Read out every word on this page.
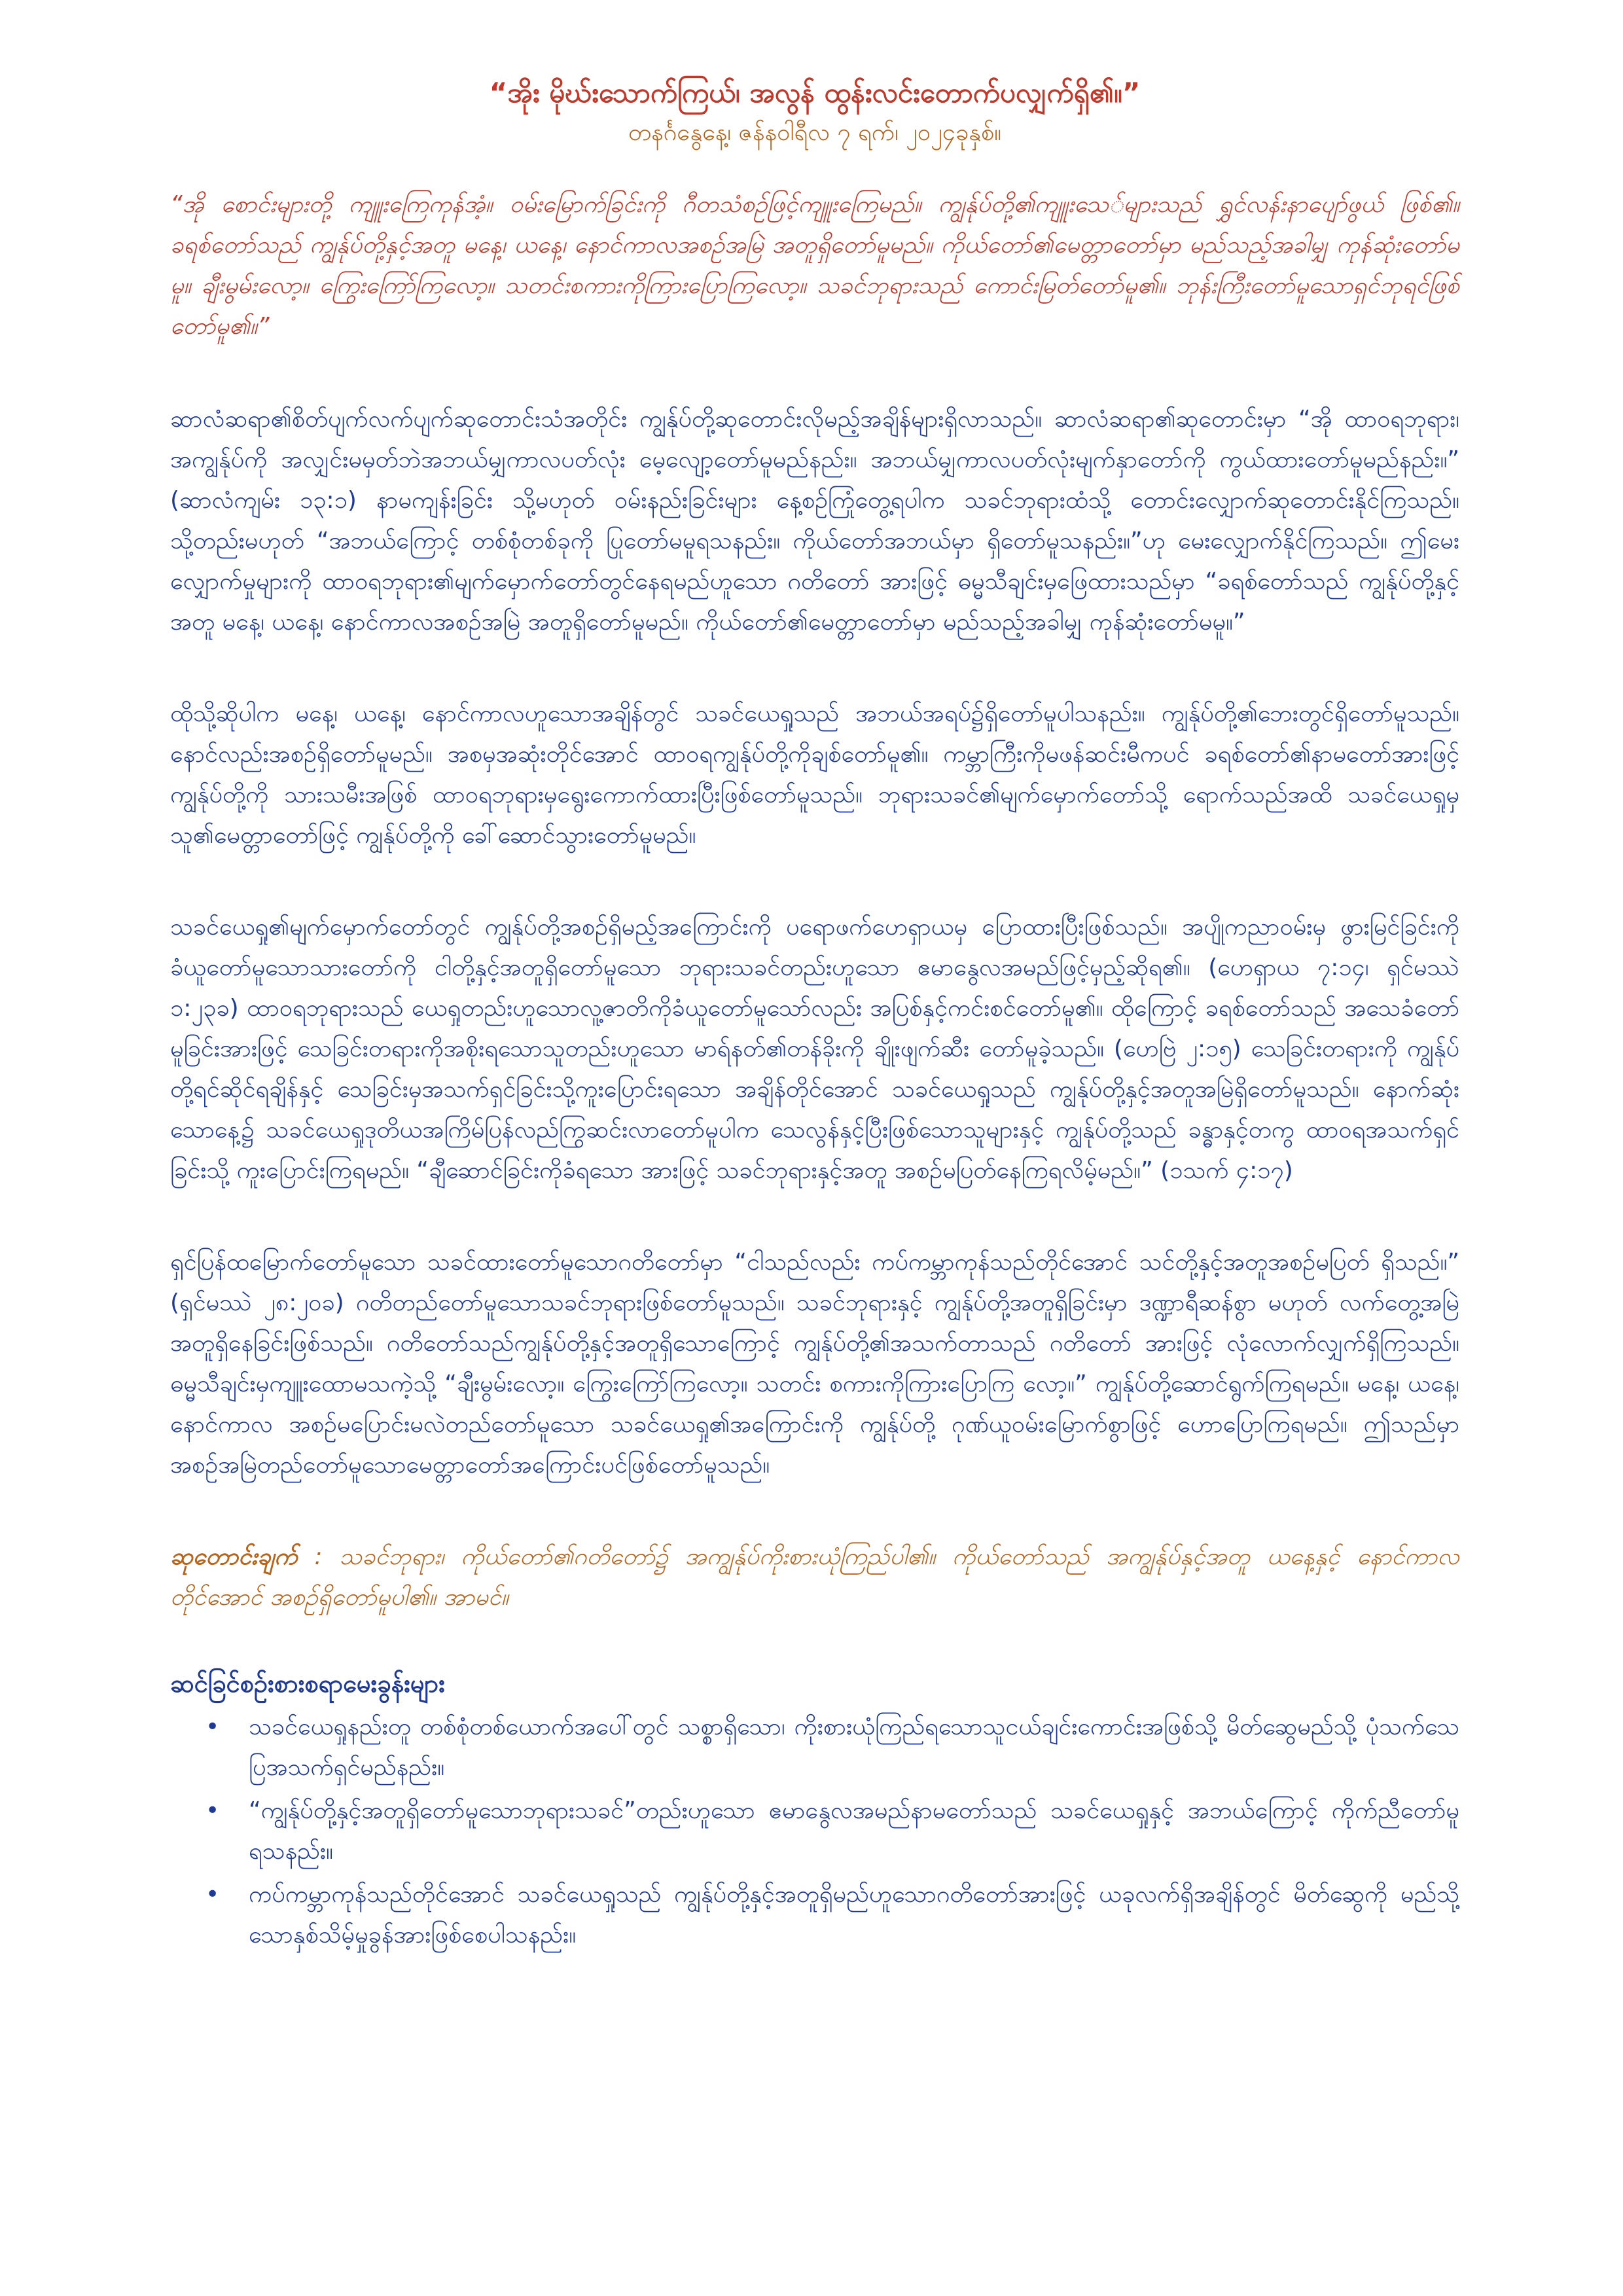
“အိုး မိုဃ်းသောက်ကြယ်၊ အလွန် ထွန်းလင်းတောက်ပလျှက်ရှိ၏။”

တနင်္ဂနွေနေ့၊ ဇန်နဝါရီလ ၇ ရက်၊ ၂၀၂၄ခုနှစ်။

“အို စောင်းများတို့ ကျူးကြေကုန်အံ့။ ဝမ်းမြောက်ခြင်းကို ဂီတသံစဉ်ဖြင့်ကျူးကြေမည်။ ကျွန်ုပ်တို့၏ကျူးသေ်များသည် ရွှင်လန်းနာပျော်ဖွယ် ဖြစ်၏။ ခရစ်တော်သည် ကျွန်ုပ်တို့နှင့်အတူ မနေ့၊ ယနေ့၊ နောင်ကာလအစဉ်အမြဲ အတူရှိတော်မူမည်။ ကိုယ်တော်၏မေတ္တာတော်မှာ မည်သည့်အခါမျှ ကုန်ဆုံးတော်မမူ။ ချီးမွမ်းလော့။ ကြွေးကြော်ကြလော့။ သတင်းစကားကိုကြားပြောကြလော့။ သခင်ဘုရားသည် ကောင်းမြတ်တော်မူ၏။ ဘုန်းကြီးတော်မူသောရှင်ဘုရင်ဖြစ်တော်မူ၏။”

ဆာလံဆရာ၏စိတ်ပျက်လက်ပျက်ဆုတောင်းသံအတိုင်း ကျွန်ုပ်တို့ဆုတောင်းလိုမည့်အချိန်များရှိလာသည်။ ဆာလံဆရာ၏ဆုတောင်းမှာ “အို ထာဝရဘုရား၊ အကျွန်ုပ်ကို အလျှင်းမမှတ်ဘဲအဘယ်မျှကာလပတ်လုံး မေ့လျော့တော်မူမည်နည်း။ အဘယ်မျှကာလပတ်လုံးမျက်နှာတော်ကို ကွယ်ထားတော်မူမည်နည်း။” (ဆာလံကျမ်း ၁၃:၁) နာမကျန်းခြင်း သို့မဟုတ် ဝမ်းနည်းခြင်းများ နေ့စဉ်ကြုံတွေ့ရပါက သခင်ဘုရားထံသို့ တောင်းလျှောက်ဆုတောင်းနိုင်ကြသည်။ သို့တည်းမဟုတ် “အဘယ်ကြောင့် တစ်စုံတစ်ခုကို ပြုတော်မမူရသနည်း။ ကိုယ်တော်အဘယ်မှာ ရှိတော်မူသနည်း။”ဟု မေးလျှောက်နိုင်ကြသည်။ ဤမေးလျှောက်မှုများကို ထာဝရဘုရား၏မျက်မှောက်တော်တွင်နေရမည်ဟူသော ဂတိတော် အားဖြင့် ဓမ္မသီချင်းမှဖြေထားသည်မှာ “ခရစ်တော်သည် ကျွန်ုပ်တို့နှင့်အတူ မနေ့၊ ယနေ့၊ နောင်ကာလအစဉ်အမြဲ အတူရှိတော်မူမည်။ ကိုယ်တော်၏မေတ္တာတော်မှာ မည်သည့်အခါမျှ ကုန်ဆုံးတော်မမူ။”

ထိုသို့ဆိုပါက မနေ့၊ ယနေ့၊ နောင်ကာလဟူသောအချိန်တွင် သခင်ယေရှုသည် အဘယ်အရပ်၌ရှိတော်မူပါသနည်း။ ကျွန်ုပ်တို့၏ဘေးတွင်ရှိတော်မူသည်။ နောင်လည်းအစဉ်ရှိတော်မူမည်။ အစမှအဆုံးတိုင်အောင် ထာဝရကျွန်ုပ်တို့ကိုချစ်တော်မူ၏။ ကမ္ဘာကြီးကိုမဖန်ဆင်းမီကပင် ခရစ်တော်၏နာမတော်အားဖြင့် ကျွန်ုပ်တို့ကို သားသမီးအဖြစ် ထာဝရဘုရားမှရွေးကောက်ထားပြီးဖြစ်တော်မူသည်။ ဘုရားသခင်၏မျက်မှောက်တော်သို့ ရောက်သည်အထိ သခင်ယေရှုမှ သူ၏မေတ္တာတော်ဖြင့် ကျွန်ုပ်တို့ကို ခေါ်ဆောင်သွားတော်မူမည်။

သခင်ယေရှု၏မျက်မှောက်တော်တွင် ကျွန်ုပ်တို့အစဉ်ရှိမည့်အကြောင်းကို ပရောဖက်ဟေရှာယမှ ပြောထားပြီးဖြစ်သည်။ အပျိုကညာဝမ်းမှ ဖွားမြင်ခြင်းကိုခံယူတော်မူသောသားတော်ကို ငါတို့နှင့်အတူရှိတော်မူသော ဘုရားသခင်တည်းဟူသော ဧမာနွေလအမည်ဖြင့်မှည့်ဆိုရ၏။ (ဟေရှာယ ၇:၁၄၊ ရှင်မဿဲ ၁:၂၃ခ) ထာဝရဘုရားသည် ယေရှုတည်းဟူသောလူ့ဇာတိကိုခံယူတော်မူသော်လည်း အပြစ်နှင့်ကင်းစင်တော်မူ၏။ ထိုကြောင့် ခရစ်တော်သည် အသေခံတော်မူခြင်းအားဖြင့် သေခြင်းတရားကိုအစိုးရသောသူတည်းဟူသော မာရ်နတ်၏တန်ခိုးကို ချိုးဖျက်ဆီး တော်မူခဲ့သည်။ (ဟေဗြဲ ၂:၁၅) သေခြင်းတရားကို ကျွန်ုပ်တို့ရင်ဆိုင်ရချိန်နှင့် သေခြင်းမှအသက်ရှင်ခြင်းသို့ကူးပြောင်းရသော အချိန်တိုင်အောင် သခင်ယေရှုသည် ကျွန်ုပ်တို့နှင့်အတူအမြဲရှိတော်မူသည်။ နောက်ဆုံးသောနေ့၌ သခင်ယေရှုဒုတိယအကြိမ်ပြန်လည်ကြွဆင်းလာတော်မူပါက သေလွန်နှင့်ပြီးဖြစ်သောသူများနှင့် ကျွန်ုပ်တို့သည် ခန္ဓာနှင့်တကွ ထာဝရအသက်ရှင်ခြင်းသို့ ကူးပြောင်းကြရမည်။ “ချီဆောင်ခြင်းကိုခံရသော အားဖြင့် သခင်ဘုရားနှင့်အတူ အစဉ်မပြတ်နေကြရလိမ့်မည်။” (၁သက် ၄:၁၇)

ရှင်ပြန်ထမြောက်တော်မူသော သခင်ထားတော်မူသောဂတိတော်မှာ “ငါသည်လည်း ကပ်ကမ္ဘာကုန်သည်တိုင်အောင် သင်တို့နှင့်အတူအစဉ်မပြတ် ရှိသည်။” (ရှင်မဿဲ ၂၈:၂၀ခ) ဂတိတည်တော်မူသောသခင်ဘုရားဖြစ်တော်မူသည်။ သခင်ဘုရားနှင့် ကျွန်ုပ်တို့အတူရှိခြင်းမှာ ဒဏ္ဍာရီဆန်စွာ မဟုတ် လက်တွေ့အမြဲအတူရှိနေခြင်းဖြစ်သည်။ ဂတိတော်သည်ကျွန်ုပ်တို့နှင့်အတူရှိသောကြောင့် ကျွန်ုပ်တို့၏အသက်တာသည် ဂတိတော် အားဖြင့် လုံလောက်လျှက်ရှိကြသည်။ ဓမ္မသီချင်းမှကျူးထောမသကဲ့သို့ “ချီးမွမ်းလော့။ ကြွေးကြော်ကြလော့။ သတင်း စကားကိုကြားပြောကြ လော့။” ကျွန်ုပ်တို့ဆောင်ရွက်ကြရမည်။ မနေ့၊ ယနေ့၊ နောင်ကာလ အစဉ်မပြောင်းမလဲတည်တော်မူသော သခင်ယေရှု၏အကြောင်းကို ကျွန်ုပ်တို့ ဂုဏ်ယူဝမ်းမြောက်စွာဖြင့် ဟောပြောကြရမည်။ ဤသည်မှာ အစဉ်အမြဲတည်တော်မူသောမေတ္တာတော်အကြောင်းပင်ဖြစ်တော်မူသည်။

ဆုတောင်းချက် : သခင်ဘုရား၊ ကိုယ်တော်၏ဂတိတော်၌ အကျွန်ုပ်ကိုးစားယုံကြည်ပါ၏။ ကိုယ်တော်သည် အကျွန်ုပ်နှင့်အတူ ယနေ့နှင့် နောင်ကာလတိုင်အောင် အစဉ်ရှိတော်မူပါ၏။ အာမင်။

ဆင်ခြင်စဉ်းစားစရာမေးခွန်းများ
• သခင်ယေရှုနည်းတူ တစ်စုံတစ်ယောက်အပေါ်တွင် သစ္စာရှိသော၊ ကိုးစားယုံကြည်ရသောသူငယ်ချင်းကောင်းအဖြစ်သို့ မိတ်ဆွေမည်သို့ ပုံသက်သေပြအသက်ရှင်မည်နည်း။
• “ကျွန်ုပ်တို့နှင့်အတူရှိတော်မူသောဘုရားသခင်”တည်းဟူသော ဧမာနွေလအမည်နာမတော်သည် သခင်ယေရှုနှင့် အဘယ်ကြောင့် ကိုက်ညီတော်မူရသနည်း။
• ကပ်ကမ္ဘာကုန်သည်တိုင်အောင် သခင်ယေရှုသည် ကျွန်ုပ်တို့နှင့်အတူရှိမည်ဟူသောဂတိတော်အားဖြင့် ယခုလက်ရှိအချိန်တွင် မိတ်ဆွေကို မည်သို့သောနှစ်သိမ့်မှုခွန်အားဖြစ်စေပါသနည်း။
